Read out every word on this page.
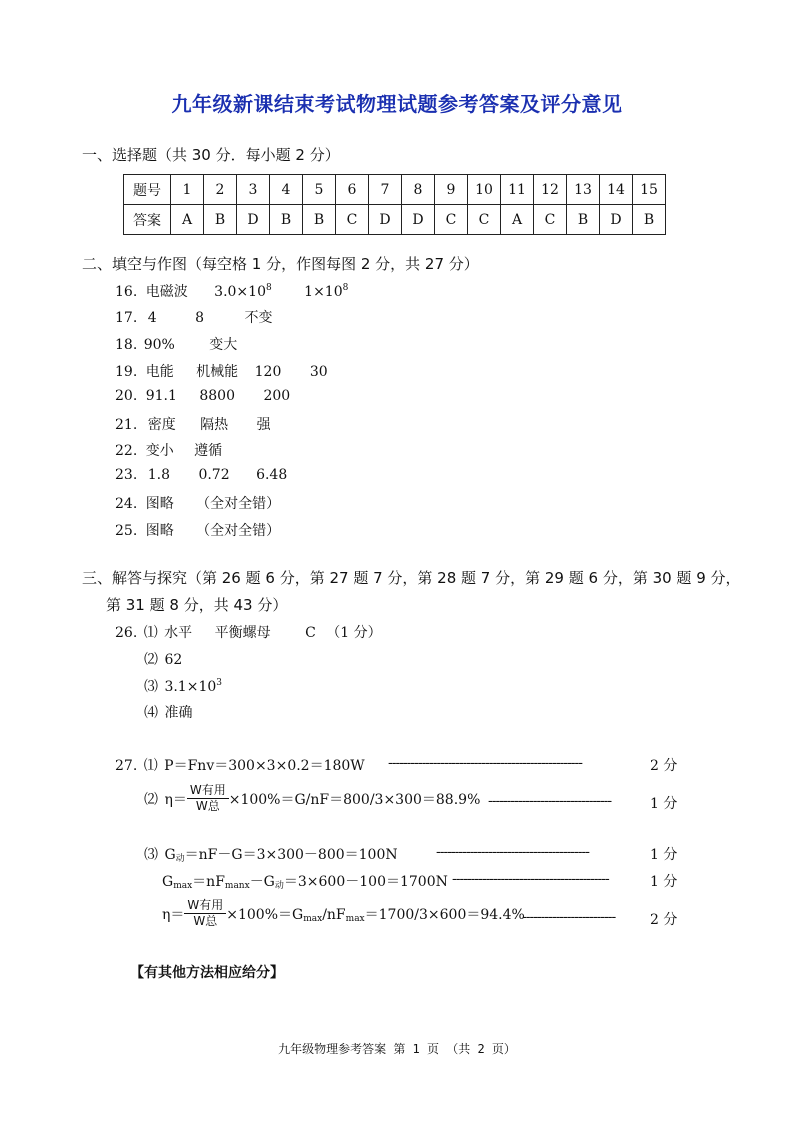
九年级新课结束考试物理试题参考答案及评分意见
一、选择题（共 30 分．每小题 2 分）
题号	1	2	3	4	5	6	7	8	9	10	11	12	13	14	15
答案	A	B	D	B	B	C	D	D	C	C	A	C	B	D	B
二、填空与作图（每空格 1 分，作图每图 2 分，共 27 分）
16. 电磁波 3.0×108 1×108
17. 4	8	不变
18. 90% 变大
19. 电能 机械能 120 30
20. 91.1 8800 200
21. 密度 隔热 强
22. 变小 遵循
23. 1.8 0.72 6.48
24. 图略 （全对全错）
25. 图略 （全对全错）
三、解答与探究（第 26 题 6 分，第 27 题 7 分，第 28 题 7 分，第 29 题 6 分，第 30 题 9 分，
第 31 题 8 分，共 43 分）
26. ⑴ 水平 平衡螺母 C （1 分）
⑵ 62
⑶ 3.1×103
⑷ 准确
27. ⑴ P＝Fnv＝300×3×0.2＝180W ----------------------------------------------------	2 分
⑵ $\eta= \frac{\text{W有用}}{\text{W总}} \times 100\%=G/nF=800/3\times 300=88.9\%$ ---------------------------------	1 分
⑶ G动＝nF－G＝3×300－800＝100N	-----------------------------------------	1 分
Gmax＝nFmanx－G动＝3×600－100＝1700N ------------------------------------------	1 分
$\eta= \frac{\text{W有用}}{\text{W总}} \times 100\%=Gmax/nFmax=1700/3\times 600=94.4\%$
------------------------- 2 分
【有其他方法相应给分】
九年级物理参考答案 第 1 页 （共 2 页）
